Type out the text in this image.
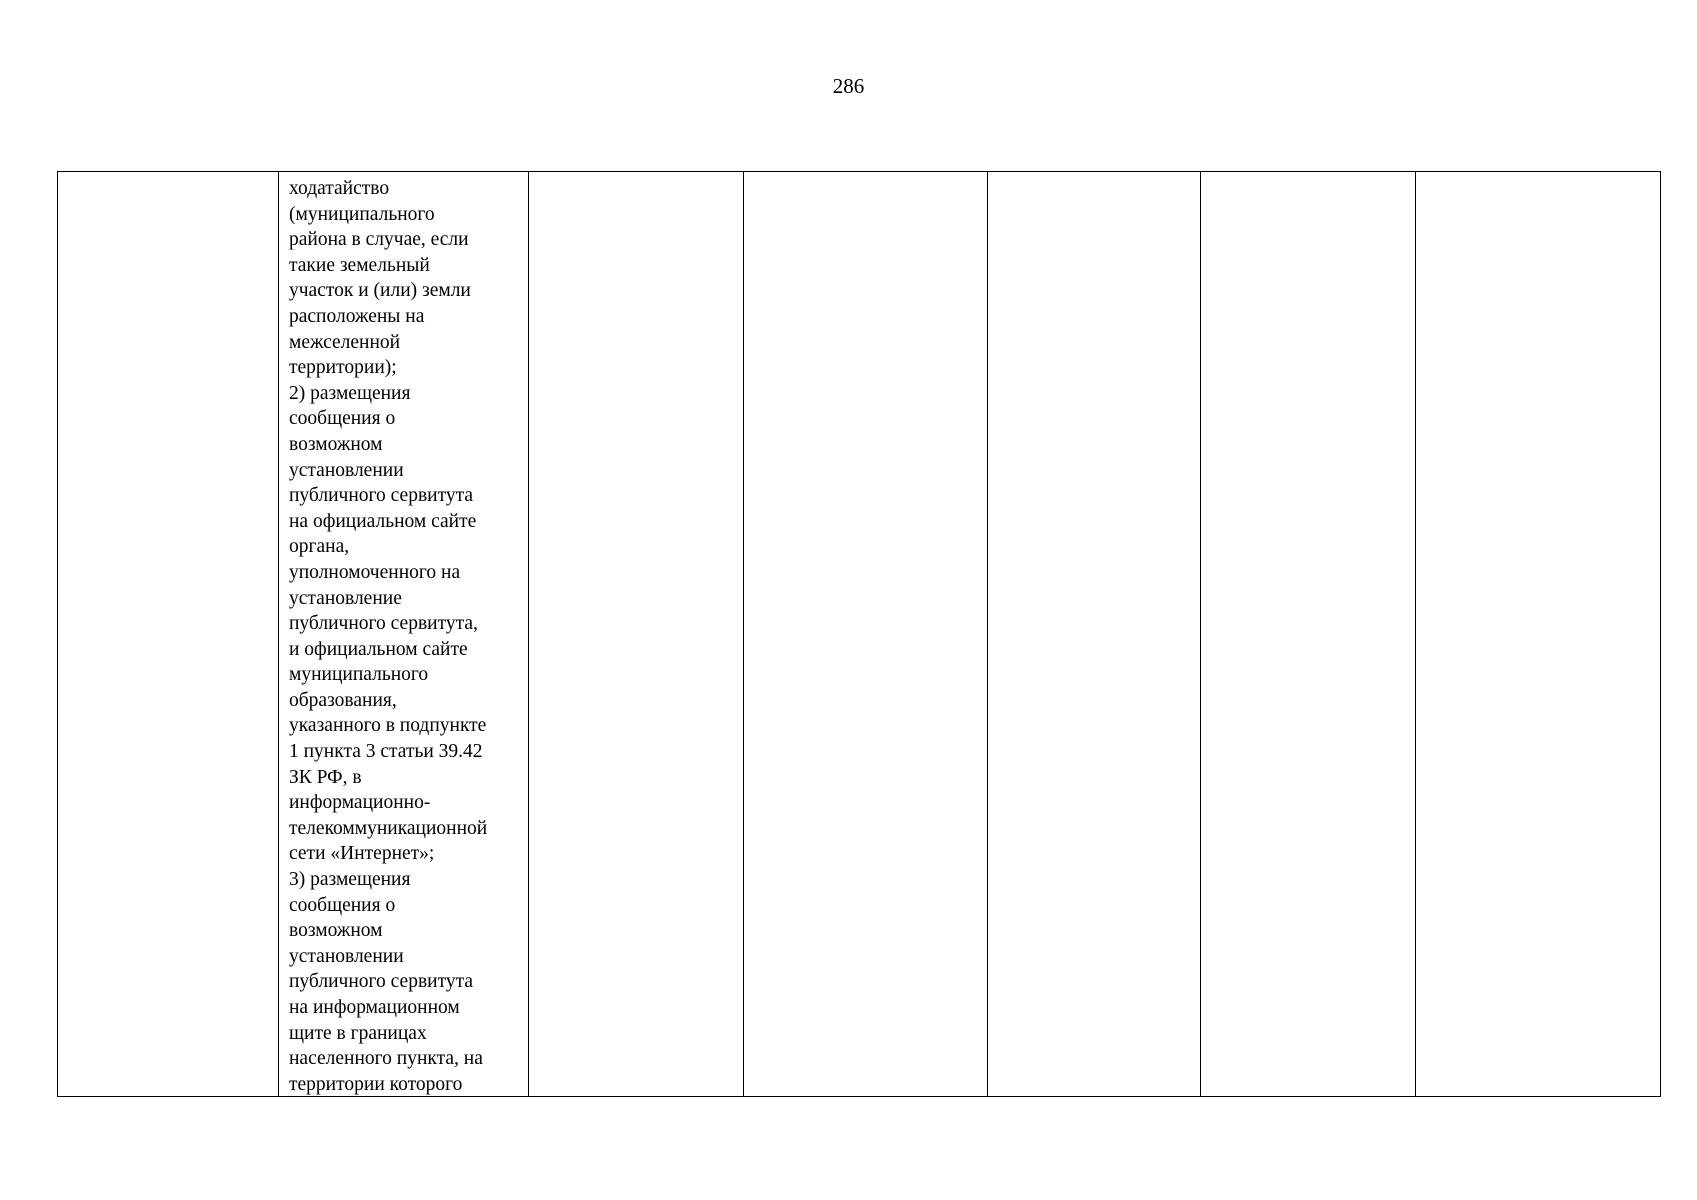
286

ходатайство
(муниципального
района в случае, если
такие земельный
участок и (или) земли
расположены на
межселенной
территории);
2) размещения
сообщения о
возможном
установлении
публичного сервитута
на официальном сайте
органа,
уполномоченного на
установление
публичного сервитута,
и официальном сайте
муниципального
образования,
указанного в подпункте
1 пункта 3 статьи 39.42
ЗК РФ, в
информационно-
телекоммуникационной
сети «Интернет»;
3) размещения
сообщения о
возможном
установлении
публичного сервитута
на информационном
щите в границах
населенного пункта, на
территории которого
